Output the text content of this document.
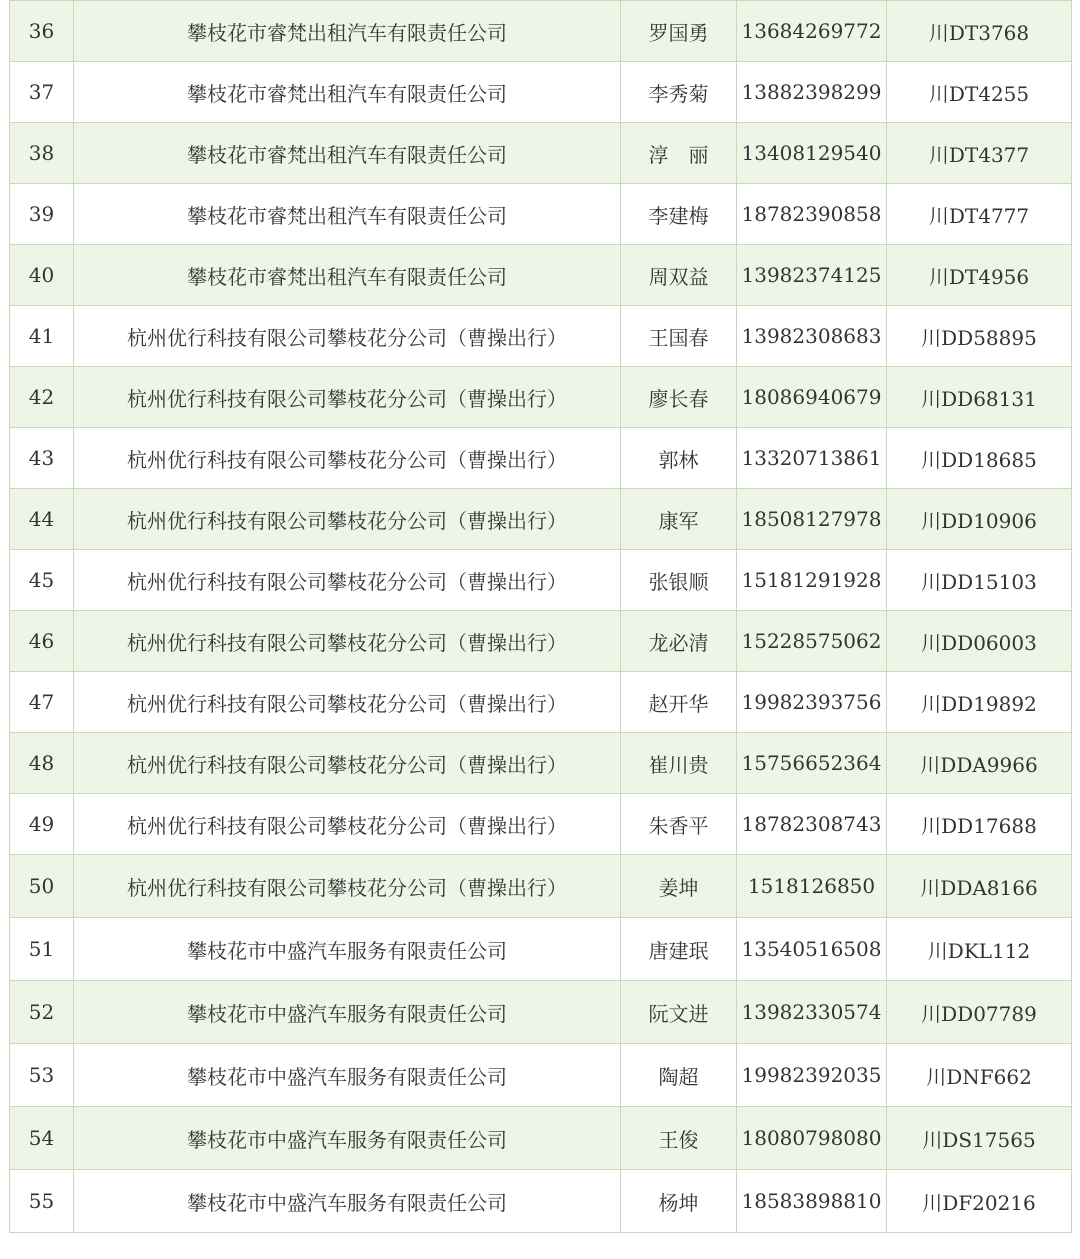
36	攀枝花市睿梵出租汽车有限责任公司	罗国勇	13684269772	川DT3768
37	攀枝花市睿梵出租汽车有限责任公司	李秀菊	13882398299	川DT4255
38	攀枝花市睿梵出租汽车有限责任公司	淳　丽	13408129540	川DT4377
39	攀枝花市睿梵出租汽车有限责任公司	李建梅	18782390858	川DT4777
40	攀枝花市睿梵出租汽车有限责任公司	周双益	13982374125	川DT4956
41	杭州优行科技有限公司攀枝花分公司（曹操出行）	王国春	13982308683	川DD58895
42	杭州优行科技有限公司攀枝花分公司（曹操出行）	廖长春	18086940679	川DD68131
43	杭州优行科技有限公司攀枝花分公司（曹操出行）	郭林	13320713861	川DD18685
44	杭州优行科技有限公司攀枝花分公司（曹操出行）	康军	18508127978	川DD10906
45	杭州优行科技有限公司攀枝花分公司（曹操出行）	张银顺	15181291928	川DD15103
46	杭州优行科技有限公司攀枝花分公司（曹操出行）	龙必清	15228575062	川DD06003
47	杭州优行科技有限公司攀枝花分公司（曹操出行）	赵开华	19982393756	川DD19892
48	杭州优行科技有限公司攀枝花分公司（曹操出行）	崔川贵	15756652364	川DDA9966
49	杭州优行科技有限公司攀枝花分公司（曹操出行）	朱香平	18782308743	川DD17688
50	杭州优行科技有限公司攀枝花分公司（曹操出行）	姜坤	1518126850	川DDA8166
51	攀枝花市中盛汽车服务有限责任公司	唐建珉	13540516508	川DKL112
52	攀枝花市中盛汽车服务有限责任公司	阮文进	13982330574	川DD07789
53	攀枝花市中盛汽车服务有限责任公司	陶超	19982392035	川DNF662
54	攀枝花市中盛汽车服务有限责任公司	王俊	18080798080	川DS17565
55	攀枝花市中盛汽车服务有限责任公司	杨坤	18583898810	川DF20216
